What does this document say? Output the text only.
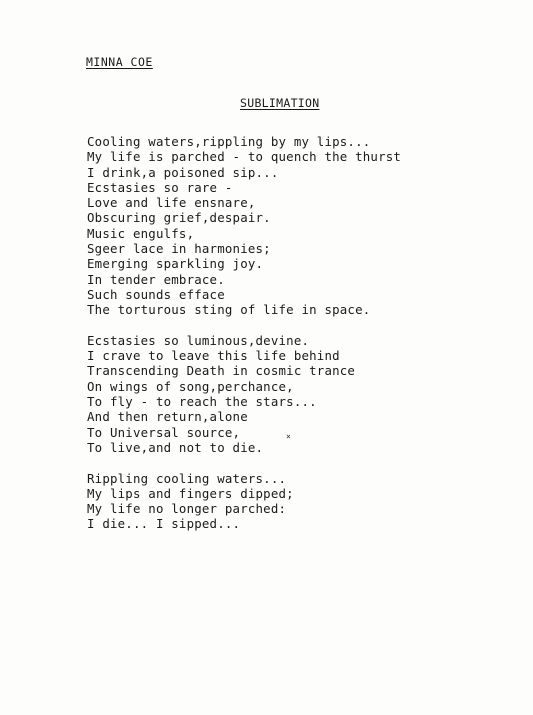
MINNA COE
SUBLIMATION
Cooling waters,rippling by my lips...
My life is parched - to quench the thurst
I drink,a poisoned sip...
Ecstasies so rare -
Love and life ensnare,
Obscuring grief,despair.
Music engulfs,
Sgeer lace in harmonies;
Emerging sparkling joy.
In tender embrace.
Such sounds efface
The torturous sting of life in space.
Ecstasies so luminous,devine.
I crave to leave this life behind
Transcending Death in cosmic trance
On wings of song,perchance,
To fly - to reach the stars...
And then return,alone
To Universal source,
To live,and not to die.
Rippling cooling waters...
My lips and fingers dipped;
My life no longer parched:
I die... I sipped...
×
